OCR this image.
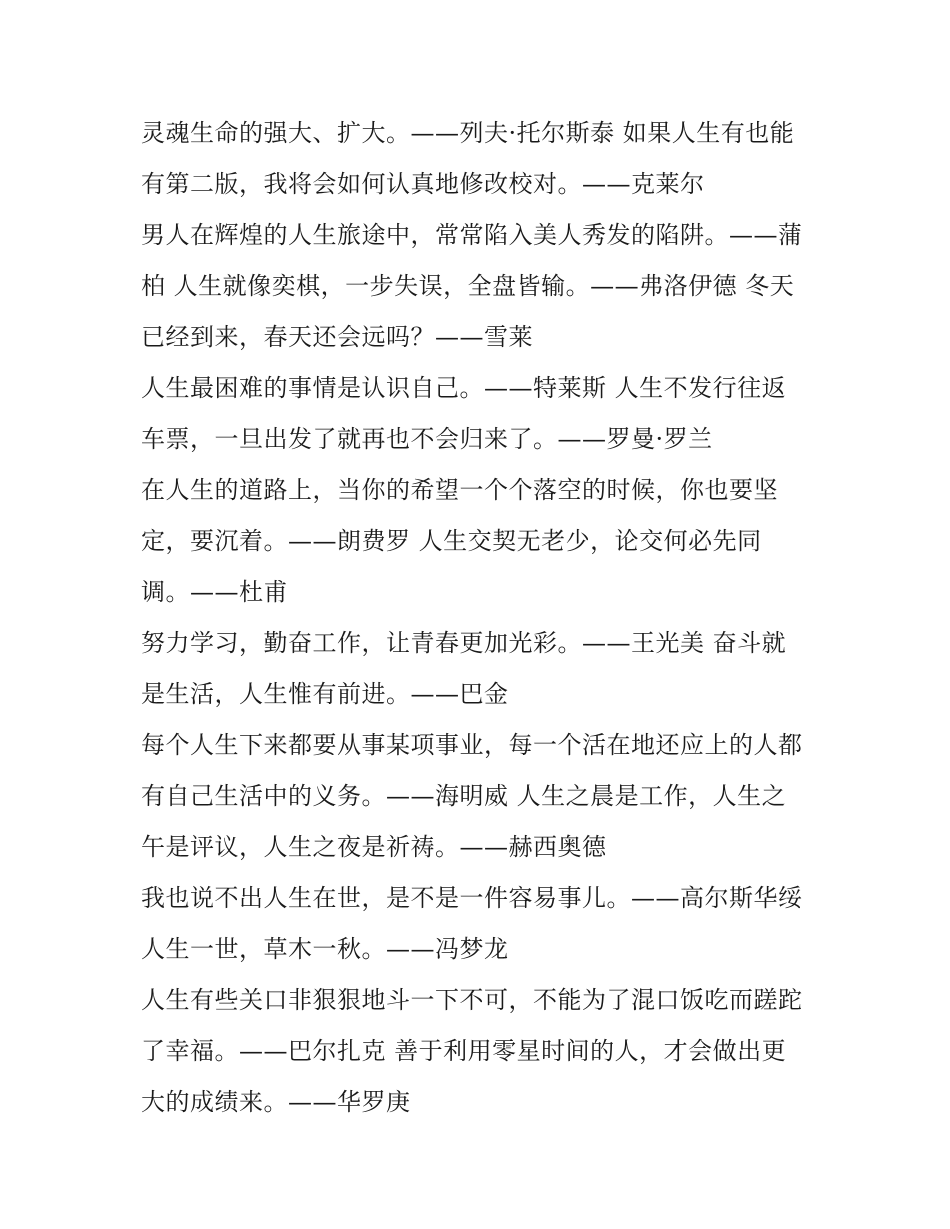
灵魂生命的强大、扩大。——列夫·托尔斯泰 如果人生有也能
有第二版，我将会如何认真地修改校对。——克莱尔
男人在辉煌的人生旅途中，常常陷入美人秀发的陷阱。——蒲
柏 人生就像奕棋，一步失误，全盘皆输。——弗洛伊德 冬天
已经到来，春天还会远吗？——雪莱
人生最困难的事情是认识自己。——特莱斯 人生不发行往返
车票，一旦出发了就再也不会归来了。——罗曼·罗兰
在人生的道路上，当你的希望一个个落空的时候，你也要坚
定，要沉着。——朗费罗 人生交契无老少，论交何必先同
调。——杜甫
努力学习，勤奋工作，让青春更加光彩。——王光美 奋斗就
是生活，人生惟有前进。——巴金
每个人生下来都要从事某项事业，每一个活在地还应上的人都
有自己生活中的义务。——海明威 人生之晨是工作，人生之
午是评议，人生之夜是祈祷。——赫西奥德
我也说不出人生在世，是不是一件容易事儿。——高尔斯华绥
人生一世，草木一秋。——冯梦龙
人生有些关口非狠狠地斗一下不可，不能为了混口饭吃而蹉跎
了幸福。——巴尔扎克 善于利用零星时间的人，才会做出更
大的成绩来。——华罗庚
